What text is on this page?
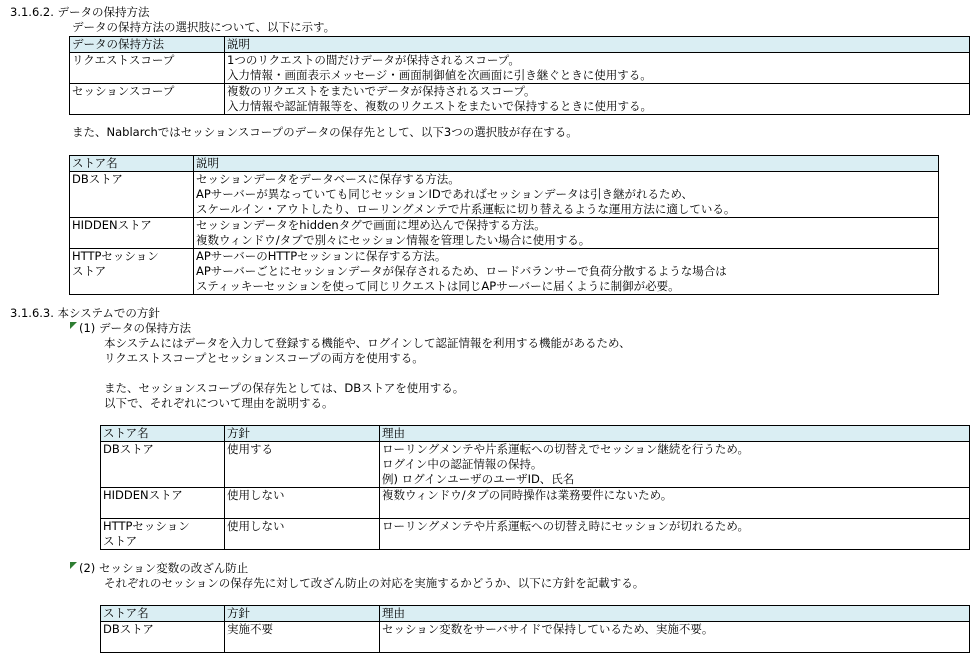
3.1.6.2. データの保持方法
データの保持方法の選択肢について、以下に示す。
データの保持方法	説明

リクエストスコープ	1つのリクエストの間だけデータが保持されるスコープ。
入力情報・画面表示メッセージ・画面制御値を次画面に引き継ぐときに使用する。

セッションスコープ	複数のリクエストをまたいでデータが保持されるスコープ。
入力情報や認証情報等を、複数のリクエストをまたいで保持するときに使用する。
また、Nablarchではセッションスコープのデータの保存先として、以下3つの選択肢が存在する。
ストア名	説明

DBストア	セッションデータをデータベースに保存する方法。
APサーバーが異なっていても同じセッションIDであればセッションデータは引き継がれるため、
スケールイン・アウトしたり、ローリングメンテで片系運転に切り替えるような運用方法に適している。

HIDDENストア	セッションデータをhiddenタグで画面に埋め込んで保持する方法。
複数ウィンドウ/タブで別々にセッション情報を管理したい場合に使用する。

HTTPセッション
ストア	APサーバーのHTTPセッションに保存する方法。
APサーバーごとにセッションデータが保存されるため、ロードバランサーで負荷分散するような場合は
スティッキーセッションを使って同じリクエストは同じAPサーバーに届くように制御が必要。
3.1.6.3. 本システムでの方針
(1) データの保持方法
本システムにはデータを入力して登録する機能や、ログインして認証情報を利用する機能があるため、
リクエストスコープとセッションスコープの両方を使用する。
また、セッションスコープの保存先としては、DBストアを使用する。
以下で、それぞれについて理由を説明する。
ストア名	方針	理由

DBストア	使用する	ローリングメンテや片系運転への切替えでセッション継続を行うため。
ログイン中の認証情報の保持。
例) ログインユーザのユーザID、氏名

HIDDENストア	使用しない	複数ウィンドウ/タブの同時操作は業務要件にないため。

HTTPセッション
ストア	使用しない	ローリングメンテや片系運転への切替え時にセッションが切れるため。
(2) セッション変数の改ざん防止
それぞれのセッションの保存先に対して改ざん防止の対応を実施するかどうか、以下に方針を記載する。
ストア名	方針	理由

DBストア	実施不要	セッション変数をサーバサイドで保持しているため、実施不要。
